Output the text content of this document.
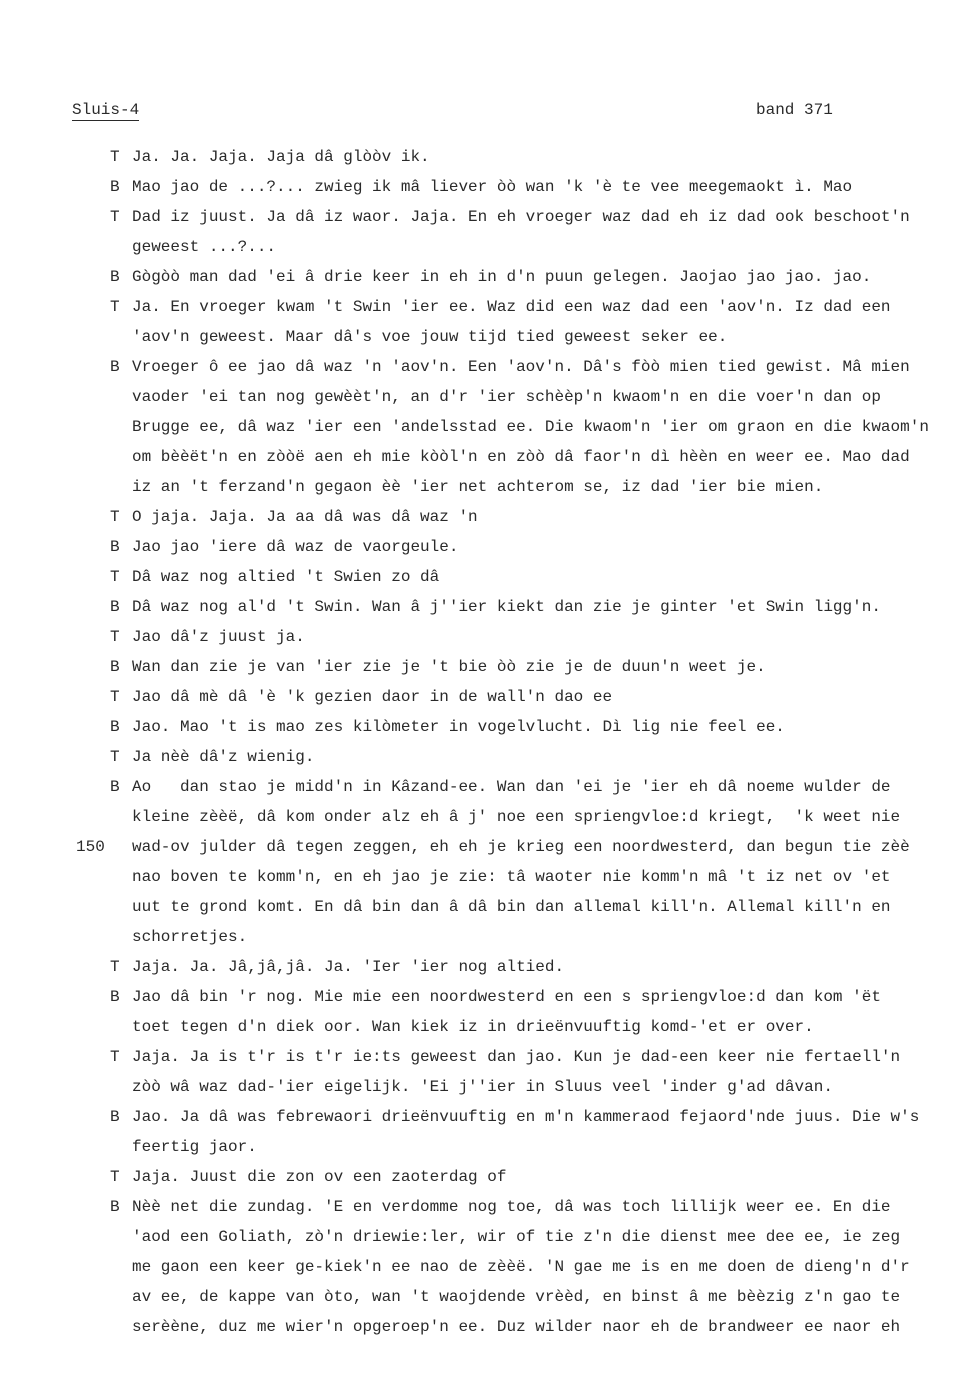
Sluis-4	band 371
T Ja. Ja. Jaja. Jaja dâ glòòv ik.
B Mao jao de ...?... zwieg ik mâ liever òò wan 'k 'è te vee meegemaokt ì. Mao
T Dad iz juust. Ja dâ iz waor. Jaja. En eh vroeger waz dad eh iz dad ook beschoot'n
geweest ...?...
B Gògòò man dad 'ei â drie keer in eh in d'n puun gelegen. Jaojao jao jao. jao.
T Ja. En vroeger kwam 't Swin 'ier ee. Waz did een waz dad een 'aov'n. Iz dad een
'aov'n geweest. Maar dâ's voe jouw tijd tied geweest seker ee.
B Vroeger ô ee jao dâ waz 'n 'aov'n. Een 'aov'n. Dâ's fòò mien tied gewist. Mâ mien
vaoder 'ei tan nog gewèèt'n, an d'r 'ier schèèp'n kwaom'n en die voer'n dan op
Brugge ee, dâ waz 'ier een 'andelsstad ee. Die kwaom'n 'ier om graon en die kwaom'n
om bèèët'n en zòòë aen eh mie kòòl'n en zòò dâ faor'n dì hèèn en weer ee. Mao dad
iz an 't ferzand'n gegaon èè 'ier net achterom se, iz dad 'ier bie mien.
T O jaja. Jaja. Ja aa dâ was dâ waz 'n
B Jao jao 'iere dâ waz de vaorgeule.
T Dâ waz nog altied 't Swien zo dâ
B Dâ waz nog al'd 't Swin. Wan â j''ier kiekt dan zie je ginter 'et Swin ligg'n.
T Jao dâ'z juust ja.
B Wan dan zie je van 'ier zie je 't bie òò zie je de duun'n weet je.
T Jao dâ mè dâ 'è 'k gezien daor in de wall'n dao ee
B Jao. Mao 't is mao zes kilòmeter in vogelvlucht. Dì lig nie feel ee.
T Ja nèè dâ'z wienig.
B Ao   dan stao je midd'n in Kâzand-ee. Wan dan 'ei je 'ier eh dâ noeme wulder de
kleine zèèë, dâ kom onder alz eh â j' noe een spriengvloe:d kriegt,  'k weet nie
150 wad-ov julder dâ tegen zeggen, eh eh je krieg een noordwesterd, dan begun tie zèè
nao boven te komm'n, en eh jao je zie: tâ waoter nie komm'n mâ 't iz net ov 'et
uut te grond komt. En dâ bin dan â dâ bin dan allemal kill'n. Allemal kill'n en
schorretjes.
T Jaja. Ja. Jâ,jâ,jâ. Ja. 'Ier 'ier nog altied.
B Jao dâ bin 'r nog. Mie mie een noordwesterd en een s spriengvloe:d dan kom 'ët
toet tegen d'n diek oor. Wan kiek iz in drieënvuuftig komd-'et er over.
T Jaja. Ja is t'r is t'r ie:ts geweest dan jao. Kun je dad-een keer nie fertaell'n
zòò wâ waz dad-'ier eigelijk. 'Ei j''ier in Sluus veel 'inder g'ad dâvan.
B Jao. Ja dâ was febrewaori drieënvuuftig en m'n kammeraod fejaord'nde juus. Die w's
feertig jaor.
T Jaja. Juust die zon ov een zaoterdag of
B Nèè net die zundag. 'E en verdomme nog toe, dâ was toch lillijk weer ee. En die
'aod een Goliath, zò'n driewie:ler, wir of tie z'n die dienst mee dee ee, ie zeg
me gaon een keer ge-kiek'n ee nao de zèèë. 'N gae me is en me doen de dieng'n d'r
av ee, de kappe van òto, wan 't waojdende vrèèd, en binst â me bèèzig z'n gao te
serèène, duz me wier'n opgeroep'n ee. Duz wilder naor eh de brandweer ee naor eh
